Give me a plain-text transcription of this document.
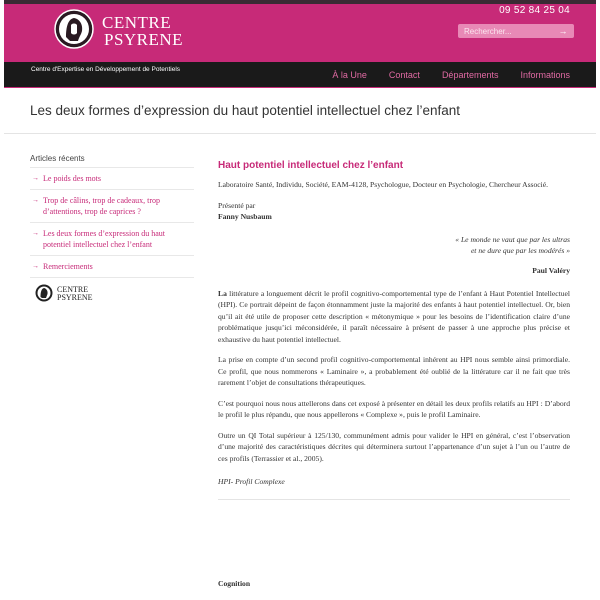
CENTRE
PSYRENE
09 52 84 25 04
Rechercher...
→
Centre d'Expertise en Développement de Potentiels
À la Une Contact Départements Informations
Les deux formes d’expression du haut potentiel intellectuel chez l’enfant
Articles récents
→ Le poids des mots
→ Trop de câlins, trop de cadeaux, trop d’attentions, trop de caprices ?
→ Les deux formes d’expression du haut potentiel intellectuel chez l’enfant
→ Remerciements
CENTRE
PSYRENE
Haut potentiel intellectuel chez l’enfant

Laboratoire Santé, Individu, Société, EAM-4128, Psychologue, Docteur en Psychologie, Chercheur Associé.

Présenté par

Fanny Nusbaum

« Le monde ne vaut que par les ultras
et ne dure que par les modérés »
Paul Valéry

La littérature a longuement décrit le profil cognitivo-comportemental type de l’enfant à Haut Potentiel Intellectuel (HPI). Ce portrait dépeint de façon étonnamment juste la majorité des enfants à haut potentiel intellectuel. Or, bien qu’il ait été utile de proposer cette description « métonymique » pour les besoins de l’identification claire d’une problématique jusqu’ici méconsidérée, il paraît nécessaire à présent de passer à une approche plus précise et exhaustive du haut potentiel intellectuel.

La prise en compte d’un second profil cognitivo-comportemental inhérent au HPI nous semble ainsi primordiale. Ce profil, que nous nommerons « Laminaire », a probablement été oublié de la littérature car il ne fait que très rarement l’objet de consultations thérapeutiques.

C’est pourquoi nous nous attellerons dans cet exposé à présenter en détail les deux profils relatifs au HPI : D’abord le profil le plus répandu, que nous appellerons « Complexe », puis le profil Laminaire.

Outre un QI Total supérieur à 125/130, communément admis pour valider le HPI en général, c’est l’observation d’une majorité des caractéristiques décrites qui déterminera surtout l’appartenance d’un sujet à l’un ou l’autre de ces profils (Terrassier et al., 2005).

HPI- Profil Complexe

Cognition
